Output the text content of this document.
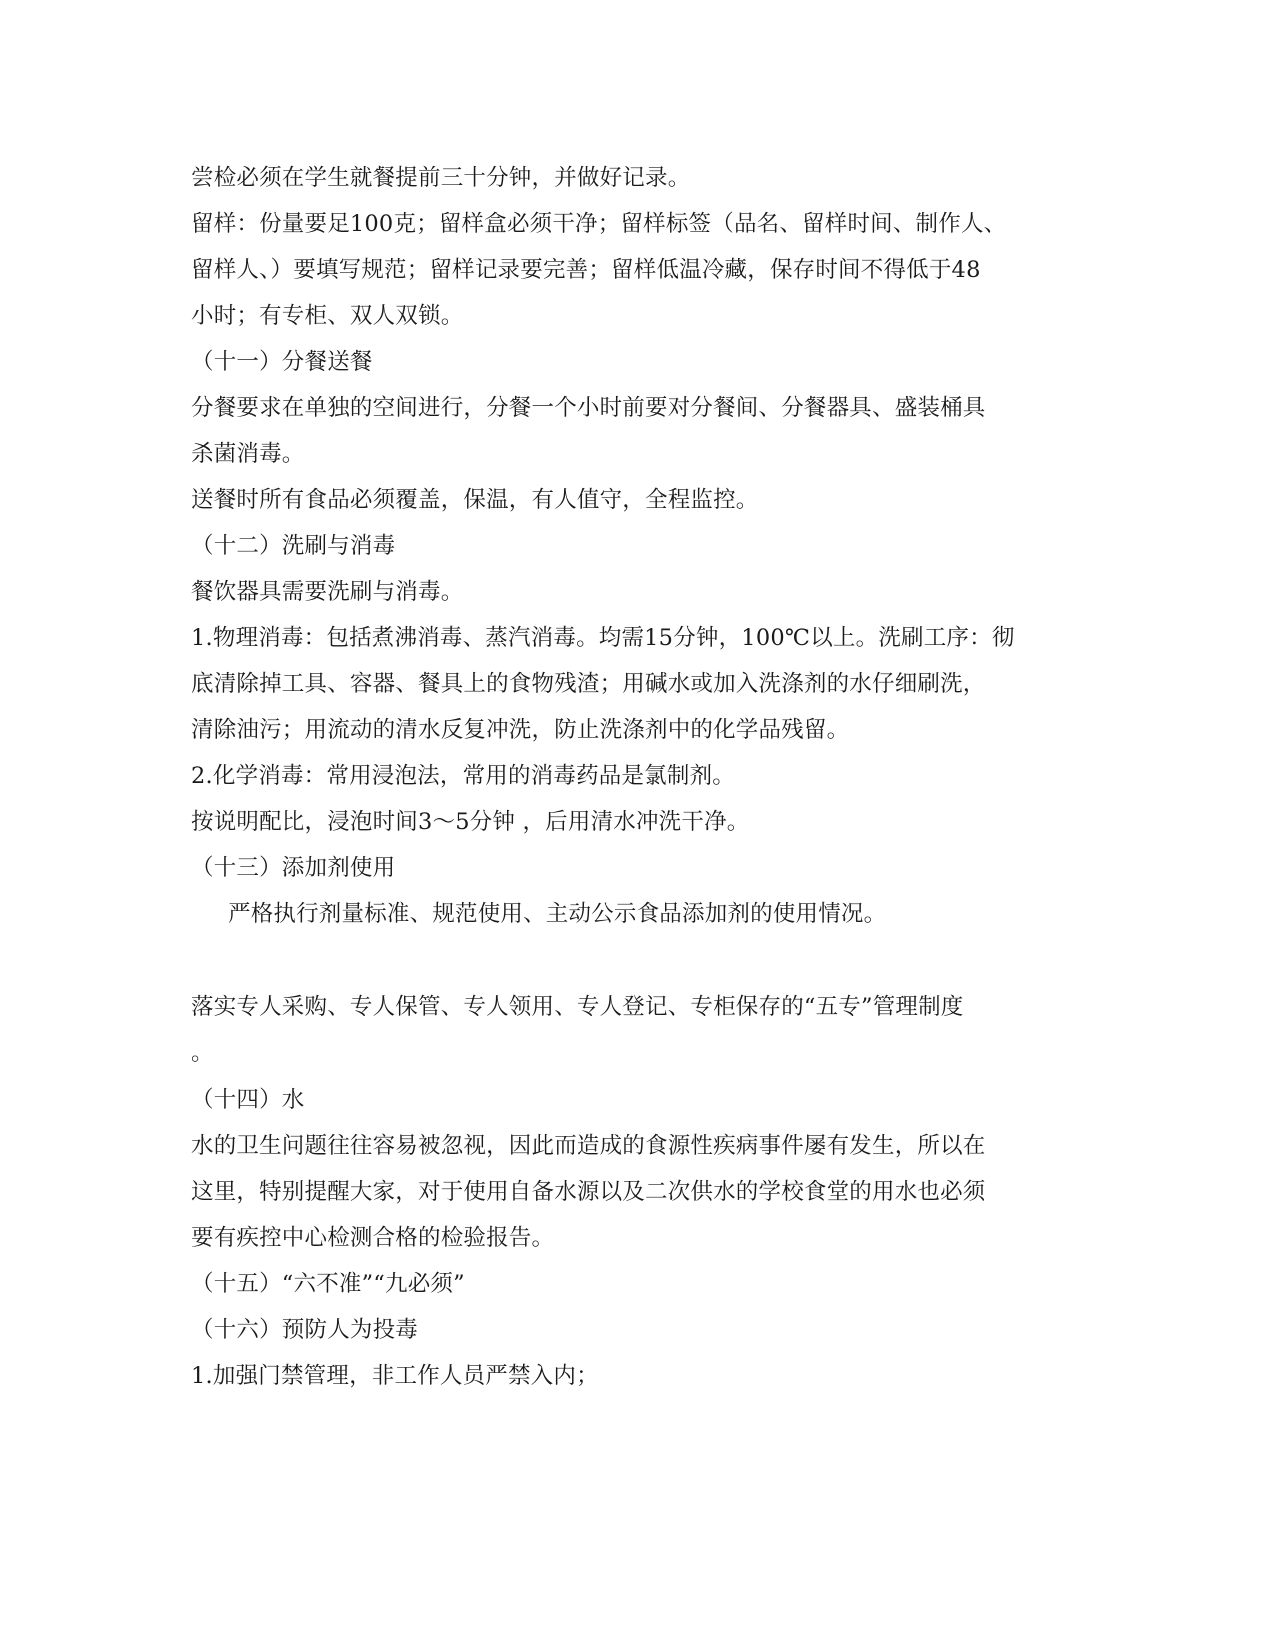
尝检必须在学生就餐提前三十分钟，并做好记录。

留样：份量要足100克；留样盒必须干净；留样标签（品名、留样时间、制作人、

留样人、）要填写规范；留样记录要完善；留样低温冷藏，保存时间不得低于48

小时；有专柜、双人双锁。

（十一）分餐送餐

分餐要求在单独的空间进行，分餐一个小时前要对分餐间、分餐器具、盛装桶具

杀菌消毒。

送餐时所有食品必须覆盖，保温，有人值守，全程监控。

（十二）洗刷与消毒

餐饮器具需要洗刷与消毒。

1.物理消毒：包括煮沸消毒、蒸汽消毒。均需15分钟，100℃以上。洗刷工序：彻

底清除掉工具、容器、餐具上的食物残渣；用碱水或加入洗涤剂的水仔细刷洗，

清除油污；用流动的清水反复冲洗，防止洗涤剂中的化学品残留。

2.化学消毒：常用浸泡法，常用的消毒药品是氯制剂。

按说明配比，浸泡时间3～5分钟 ，后用清水冲洗干净。

（十三）添加剂使用

严格执行剂量标准、规范使用、主动公示食品添加剂的使用情况。

落实专人采购、专人保管、专人领用、专人登记、专柜保存的“五专”管理制度

。

（十四）水

水的卫生问题往往容易被忽视，因此而造成的食源性疾病事件屡有发生，所以在

这里，特别提醒大家，对于使用自备水源以及二次供水的学校食堂的用水也必须

要有疾控中心检测合格的检验报告。

（十五）“六不准”“九必须”

（十六）预防人为投毒

1.加强门禁管理，非工作人员严禁入内；
